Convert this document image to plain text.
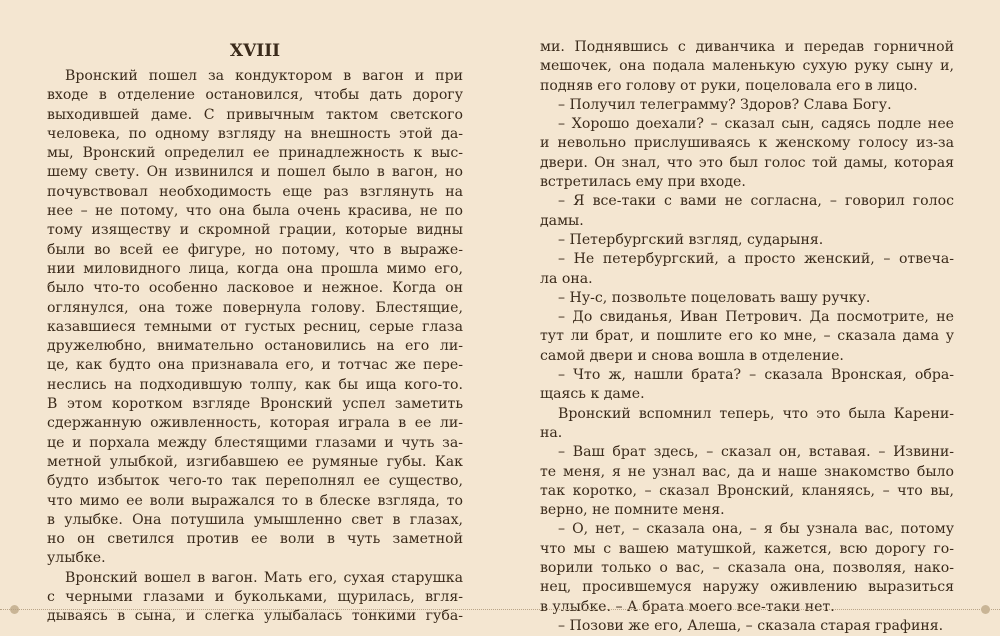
XVIII
Вронский пошел за кондуктором в вагон и при
входе в отделение остановился, чтобы дать дорогу
выходившей даме. С привычным тактом светского
человека, по одному взгляду на внешность этой да-
мы, Вронский определил ее принадлежность к выс-
шему свету. Он извинился и пошел было в вагон, но
почувствовал необходимость еще раз взглянуть на
нее – не потому, что она была очень красива, не по
тому изяществу и скромной грации, которые видны
были во всей ее фигуре, но потому, что в выраже-
нии миловидного лица, когда она прошла мимо его,
было что-то особенно ласковое и нежное. Когда он
оглянулся, она тоже повернула голову. Блестящие,
казавшиеся темными от густых ресниц, серые глаза
дружелюбно, внимательно остановились на его ли-
це, как будто она признавала его, и тотчас же пере-
неслись на подходившую толпу, как бы ища кого-то.
В этом коротком взгляде Вронский успел заметить
сдержанную оживленность, которая играла в ее ли-
це и порхала между блестящими глазами и чуть за-
метной улыбкой, изгибавшею ее румяные губы. Как
будто избыток чего-то так переполнял ее существо,
что мимо ее воли выражался то в блеске взгляда, то
в улыбке. Она потушила умышленно свет в глазах,
но он светился против ее воли в чуть заметной
улыбке.
Вронский вошел в вагон. Мать его, сухая старушка
с черными глазами и букольками, щурилась, вгля-
дываясь в сына, и слегка улыбалась тонкими губа-
ми. Поднявшись с диванчика и передав горничной
мешочек, она подала маленькую сухую руку сыну и,
подняв его голову от руки, поцеловала его в лицо.
– Получил телеграмму? Здоров? Слава Богу.
– Хорошо доехали? – сказал сын, садясь подле нее
и невольно прислушиваясь к женскому голосу из-за
двери. Он знал, что это был голос той дамы, которая
встретилась ему при входе.
– Я все-таки с вами не согласна, – говорил голос
дамы.
– Петербургский взгляд, сударыня.
– Не петербургский, а просто женский, – отвеча-
ла она.
– Ну-с, позвольте поцеловать вашу ручку.
– До свиданья, Иван Петрович. Да посмотрите, не
тут ли брат, и пошлите его ко мне, – сказала дама у
самой двери и снова вошла в отделение.
– Что ж, нашли брата? – сказала Вронская, обра-
щаясь к даме.
Вронский вспомнил теперь, что это была Карени-
на.
– Ваш брат здесь, – сказал он, вставая. – Извини-
те меня, я не узнал вас, да и наше знакомство было
так коротко, – сказал Вронский, кланяясь, – что вы,
верно, не помните меня.
– О, нет, – сказала она, – я бы узнала вас, потому
что мы с вашею матушкой, кажется, всю дорогу го-
ворили только о вас, – сказала она, позволяя, нако-
нец, просившемуся наружу оживлению выразиться
в улыбке. – А брата моего все-таки нет.
– Позови же его, Алеша, – сказала старая графиня.
